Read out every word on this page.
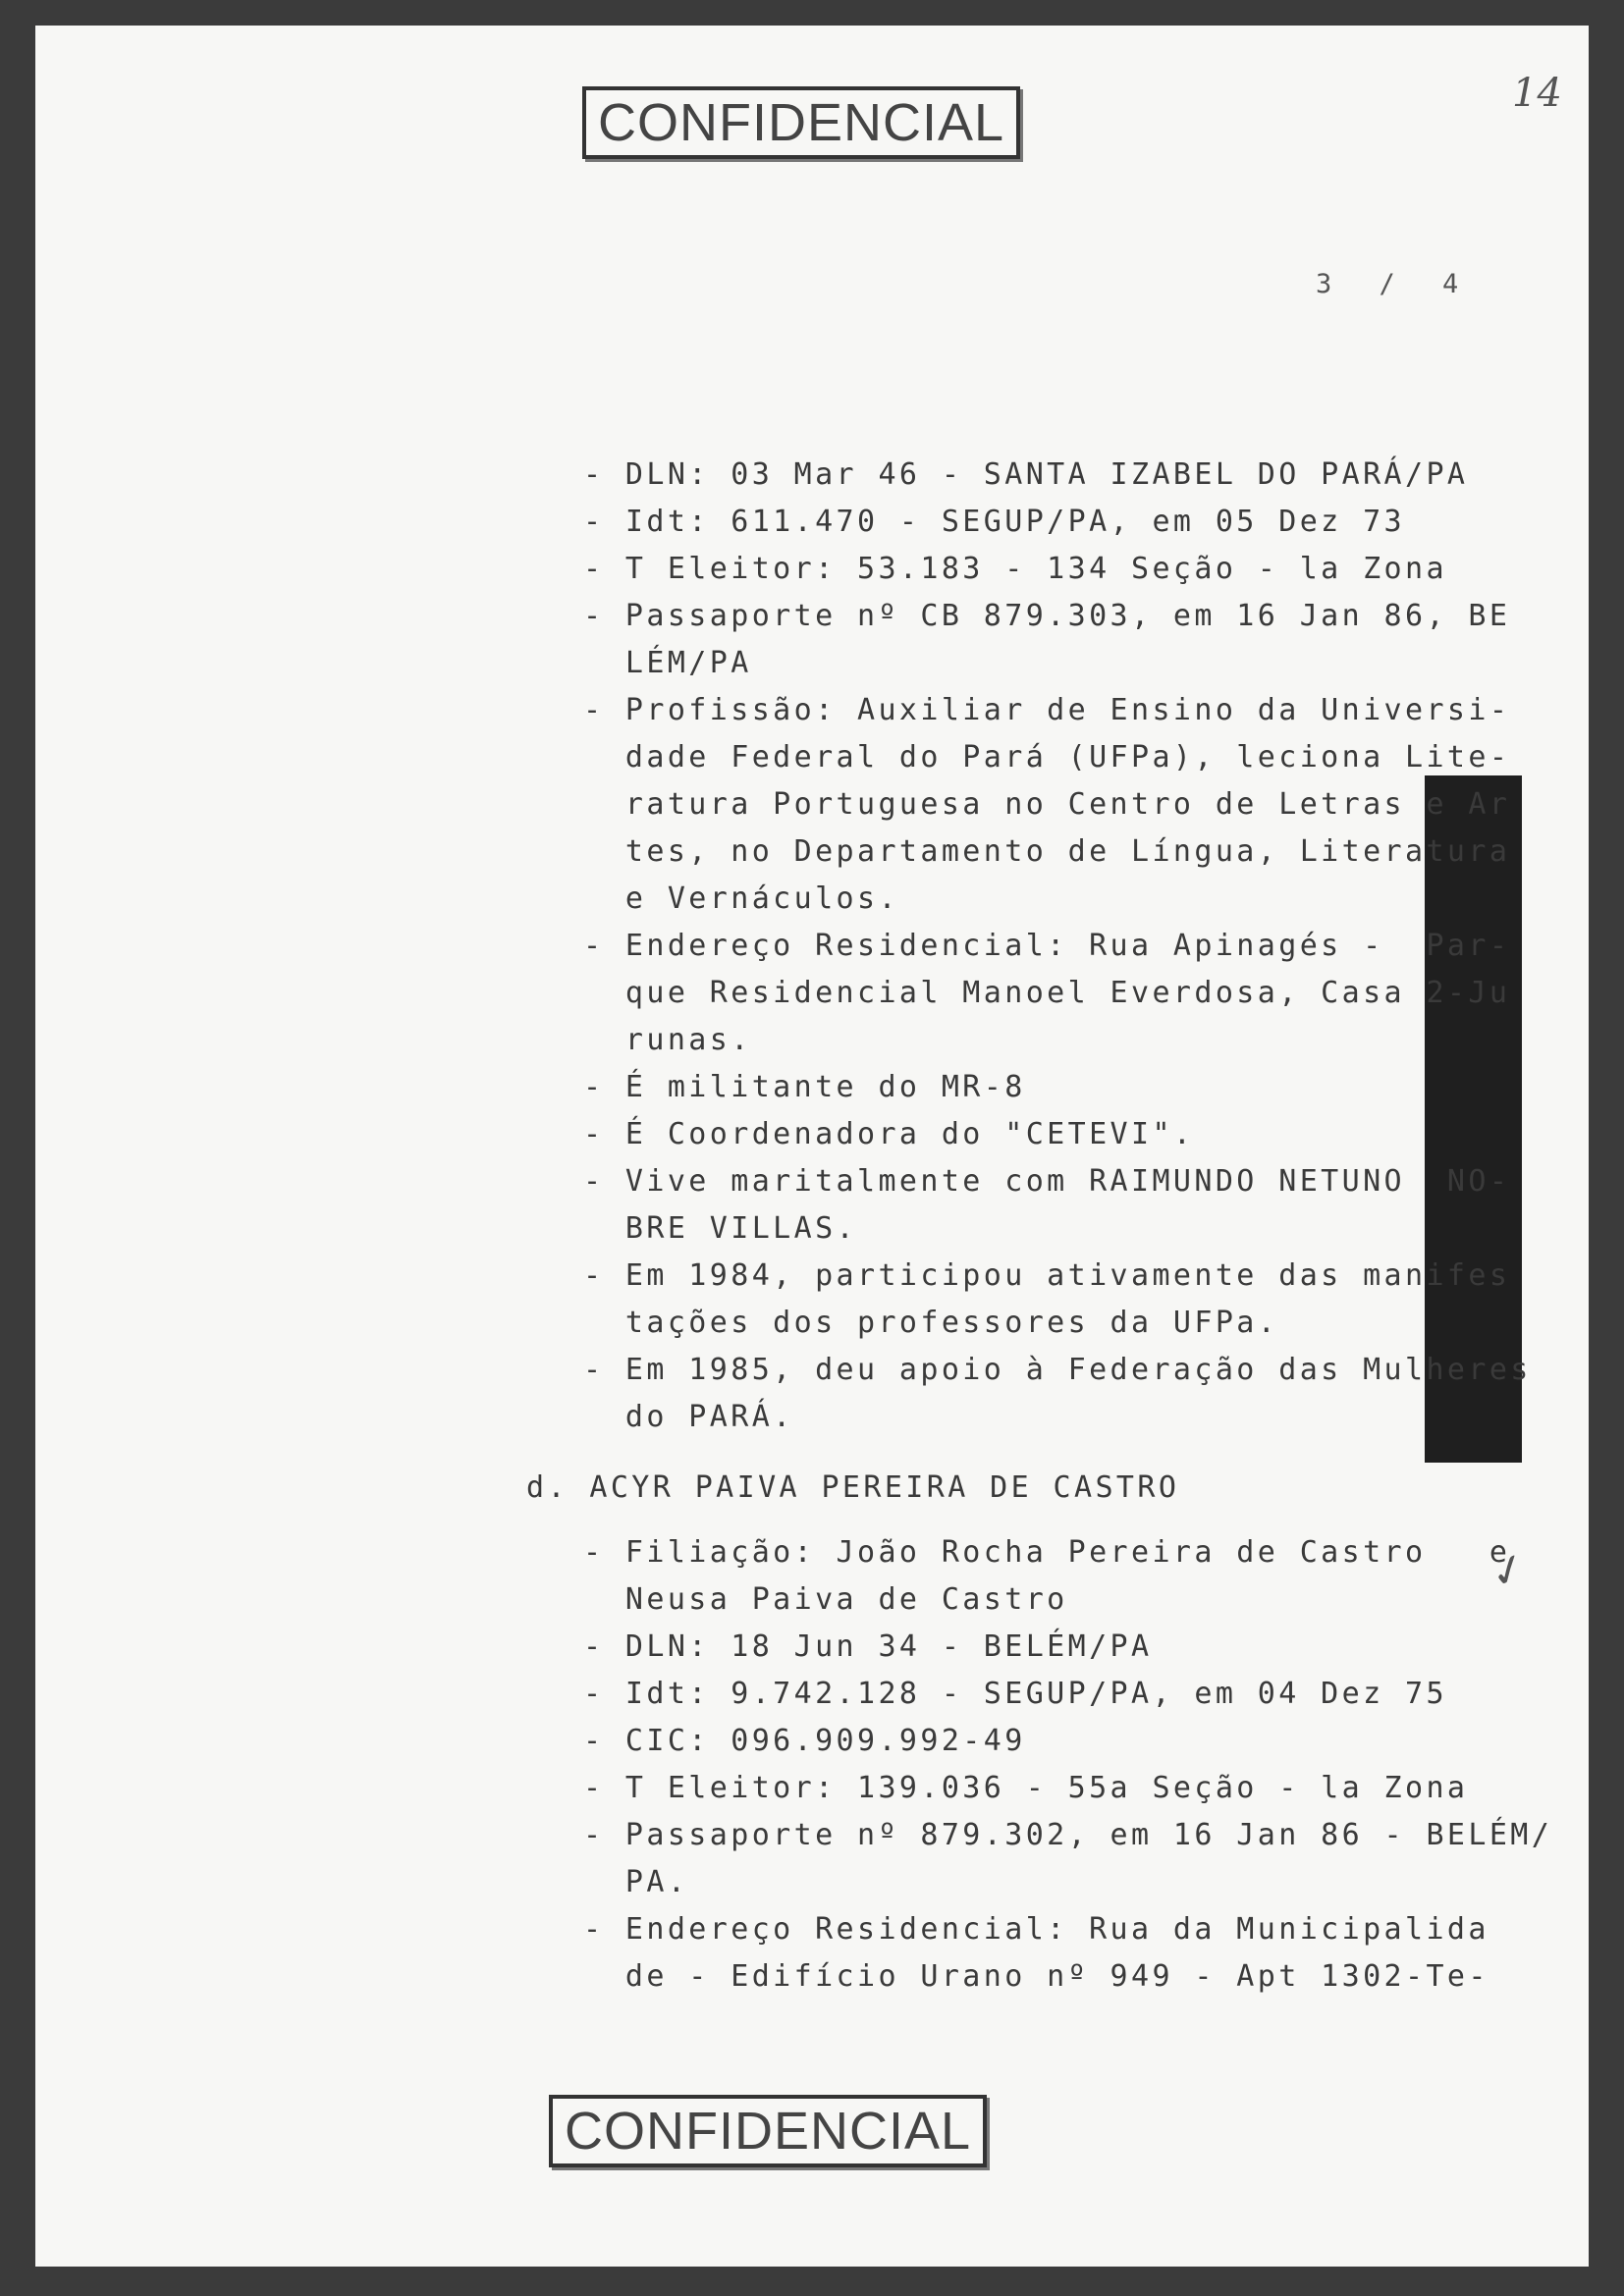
CONFIDENCIAL	14
3 / 4
✓
- DLN: 03 Mar 46 - SANTA IZABEL DO PARÁ/PA
- Idt: 611.470 - SEGUP/PA, em 05 Dez 73
- T Eleitor: 53.183 - 134 Seção - la Zona
- Passaporte nº CB 879.303, em 16 Jan 86, BE
LÉM/PA
- Profissão: Auxiliar de Ensino da Universi-
dade Federal do Pará (UFPa), leciona Lite-
ratura Portuguesa no Centro de Letras e Ar
tes, no Departamento de Língua, Literatura
e Vernáculos.
- Endereço Residencial: Rua Apinagés -  Par-
que Residencial Manoel Everdosa, Casa 2-Ju
runas.
- É militante do MR-8
- É Coordenadora do "CETEVI".
- Vive maritalmente com RAIMUNDO NETUNO  NO-
BRE VILLAS.
- Em 1984, participou ativamente das manifes
tações dos professores da UFPa.
- Em 1985, deu apoio à Federação das Mulheres
do PARÁ.
d. ACYR PAIVA PEREIRA DE CASTRO
- Filiação: João Rocha Pereira de Castro   e
Neusa Paiva de Castro
- DLN: 18 Jun 34 - BELÉM/PA
- Idt: 9.742.128 - SEGUP/PA, em 04 Dez 75
- CIC: 096.909.992-49
- T Eleitor: 139.036 - 55a Seção - la Zona
- Passaporte nº 879.302, em 16 Jan 86 - BELÉM/
PA.
- Endereço Residencial: Rua da Municipalida
de - Edifício Urano nº 949 - Apt 1302-Te-
CONFIDENCIAL
